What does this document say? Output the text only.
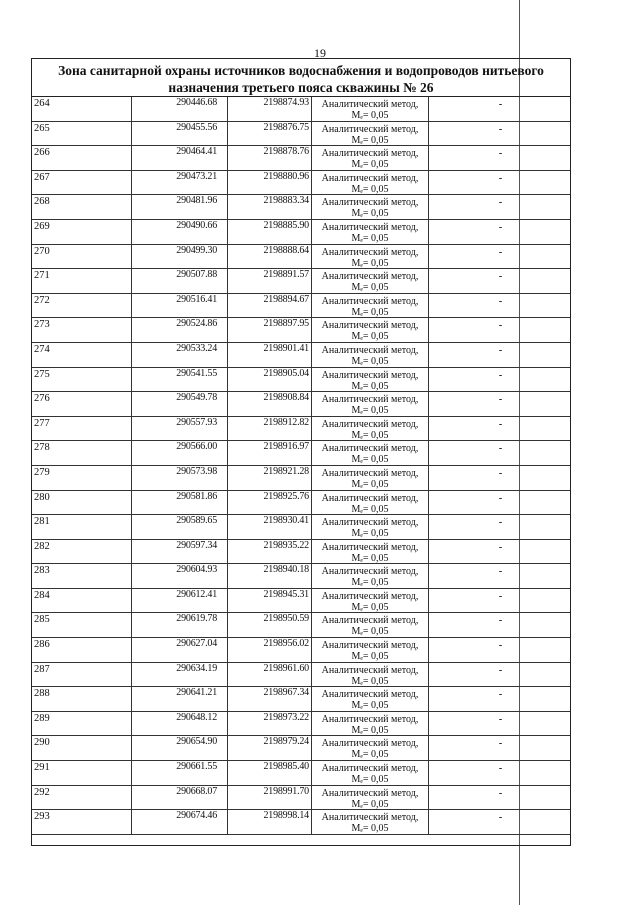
19
Зона санитарной охраны источников водоснабжения и водопроводов нитьевого
назначения третьего пояса скважины № 26
264	290446.68	2198874.93	Аналитический метод,
Mₑ= 0,05
-
265	290455.56	2198876.75	Аналитический метод,
Mₑ= 0,05
-
266	290464.41	2198878.76	Аналитический метод,
Mₑ= 0,05
-
267	290473.21	2198880.96	Аналитический метод,
Mₑ= 0,05
-
268	290481.96	2198883.34	Аналитический метод,
Mₑ= 0,05
-
269	290490.66	2198885.90	Аналитический метод,
Mₑ= 0,05
-
270	290499.30	2198888.64	Аналитический метод,
Mₑ= 0,05
-
271	290507.88	2198891.57	Аналитический метод,
Mₑ= 0,05
-
272	290516.41	2198894.67	Аналитический метод,
Mₑ= 0,05
-
273	290524.86	2198897.95	Аналитический метод,
Mₑ= 0,05
-
274	290533.24	2198901.41	Аналитический метод,
Mₑ= 0,05
-
275	290541.55	2198905.04	Аналитический метод,
Mₑ= 0,05
-
276	290549.78	2198908.84	Аналитический метод,
Mₑ= 0,05
-
277	290557.93	2198912.82	Аналитический метод,
Mₑ= 0,05
-
278	290566.00	2198916.97	Аналитический метод,
Mₑ= 0,05
-
279	290573.98	2198921.28	Аналитический метод,
Mₑ= 0,05
-
280	290581.86	2198925.76	Аналитический метод,
Mₑ= 0,05
-
281	290589.65	2198930.41	Аналитический метод,
Mₑ= 0,05
-
282	290597.34	2198935.22	Аналитический метод,
Mₑ= 0,05
-
283	290604.93	2198940.18	Аналитический метод,
Mₑ= 0,05
-
284	290612.41	2198945.31	Аналитический метод,
Mₑ= 0,05
-
285	290619.78	2198950.59	Аналитический метод,
Mₑ= 0,05
-
286	290627.04	2198956.02	Аналитический метод,
Mₑ= 0,05
-
287	290634.19	2198961.60	Аналитический метод,
Mₑ= 0,05
-
288	290641.21	2198967.34	Аналитический метод,
Mₑ= 0,05
-
289	290648.12	2198973.22	Аналитический метод,
Mₑ= 0,05
-
290	290654.90	2198979.24	Аналитический метод,
Mₑ= 0,05
-
291	290661.55	2198985.40	Аналитический метод,
Mₑ= 0,05
-
292	290668.07	2198991.70	Аналитический метод,
Mₑ= 0,05
-
293	290674.46	2198998.14	Аналитический метод,
Mₑ= 0,05
-
